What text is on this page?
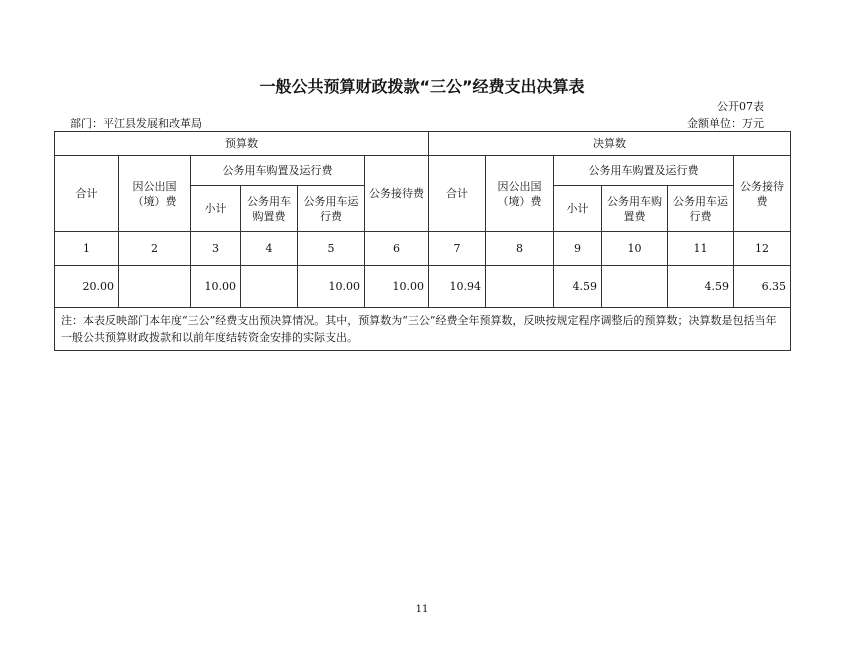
一般公共预算财政拨款“三公”经费支出决算表
公开07表
部门：平江县发展和改革局	金额单位：万元
预算数						决算数					
合计	因公出国（境）费	公务用车购置及运行费			公务接待费	合计	因公出国（境）费	公务用车购置及运行费			公务接待费
		小计	公务用车购置费	公务用车运行费				小计	公务用车购置费	公务用车运行费	
1	2	3	4	5	6	7	8	9	10	11	12
20.00		10.00		10.00	10.00	10.94		4.59		4.59	6.35
注：本表反映部门本年度“三公”经费支出预决算情况。其中，预算数为“三公”经费全年预算数，反映按规定程序调整后的预算数；决算数是包括当年一般公共预算财政拨款和以前年度结转资金安排的实际支出。											
11
